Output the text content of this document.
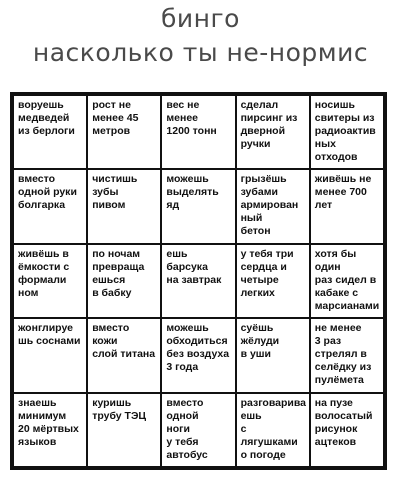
бинго
насколько ты не-нормис
воруешь
медведей
из берлоги
рост не
менее 45
метров
вес не менее
1200 тонн
сделал
пирсинг из
дверной
ручки
носишь
свитеры из
радиоактив
ных отходов
вместо
одной руки
болгарка
чистишь
зубы
пивом
можешь
выделять
яд
грызёшь
зубами
армирован
ный
бетон
живёшь не
менее 700
лет
живёшь в
ёмкости с
формали
ном
по ночам
превраща
ешься
в бабку
ешь барсука
на завтрак
у тебя три
сердца и
четыре
легких
хотя бы один
раз сидел в
кабаке с
марсианами
жонглируе
шь соснами
вместо кожи
слой титана
можешь
обходиться
без воздуха
3 года
суёшь
жёлуди
в уши
не менее
3 раз
стрелял в
селёдку из
пулёмета
знаешь
минимум
20 мёртвых
языков
куришь
трубу ТЭЦ
вместо
одной
ноги
у тебя
автобус
разговарива
ешь
с лягушками
о погоде
на пузе
волосатый
рисунок
ацтеков
